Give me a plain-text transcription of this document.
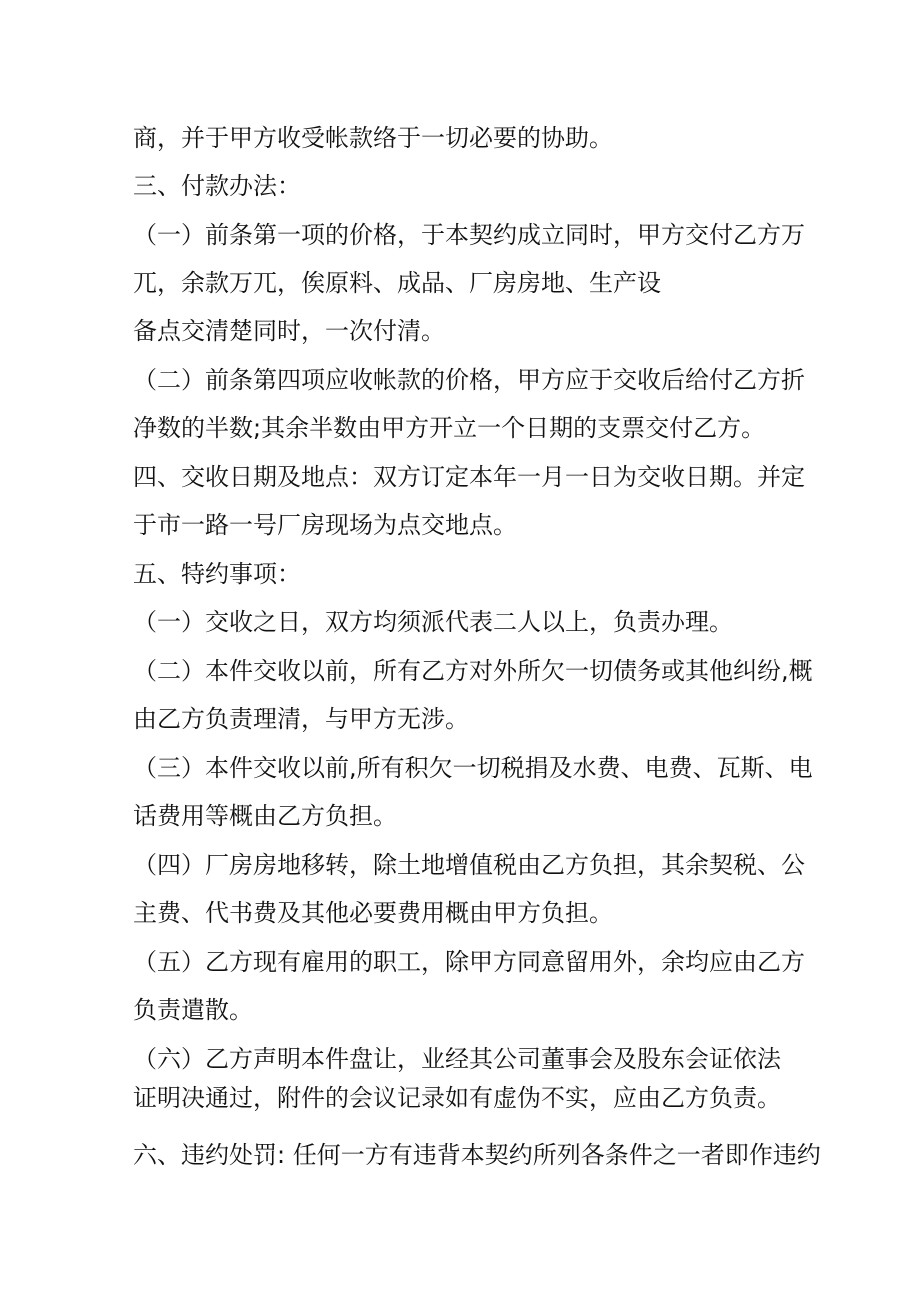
商，并于甲方收受帐款络于一切必要的协助。
三、付款办法：
（一）前条第一项的价格，于本契约成立同时，甲方交付乙方万
兀，余款万兀，俟原料、成品、厂房房地、生产设
备点交清楚同时，一次付清。
（二）前条第四项应收帐款的价格，甲方应于交收后给付乙方折
净数的半数;其余半数由甲方开立一个日期的支票交付乙方。
四、交收日期及地点：双方订定本年一月一日为交收日期。并定
于市一路一号厂房现场为点交地点。
五、特约事项：
（一）交收之日，双方均须派代表二人以上，负责办理。
（二）本件交收以前，所有乙方对外所欠一切债务或其他纠纷,概
由乙方负责理清，与甲方无涉。
（三）本件交收以前,所有积欠一切税捐及水费、电费、瓦斯、电
话费用等概由乙方负担。
（四）厂房房地移转，除土地增值税由乙方负担，其余契税、公
主费、代书费及其他必要费用概由甲方负担。
（五）乙方现有雇用的职工，除甲方同意留用外，余均应由乙方
负责遣散。
（六）乙方声明本件盘让，业经其公司董事会及股东会证依法
证明决通过，附件的会议记录如有虚伪不实，应由乙方负责。
六、违约处罚: 任何一方有违背本契约所列各条件之一者即作违约
